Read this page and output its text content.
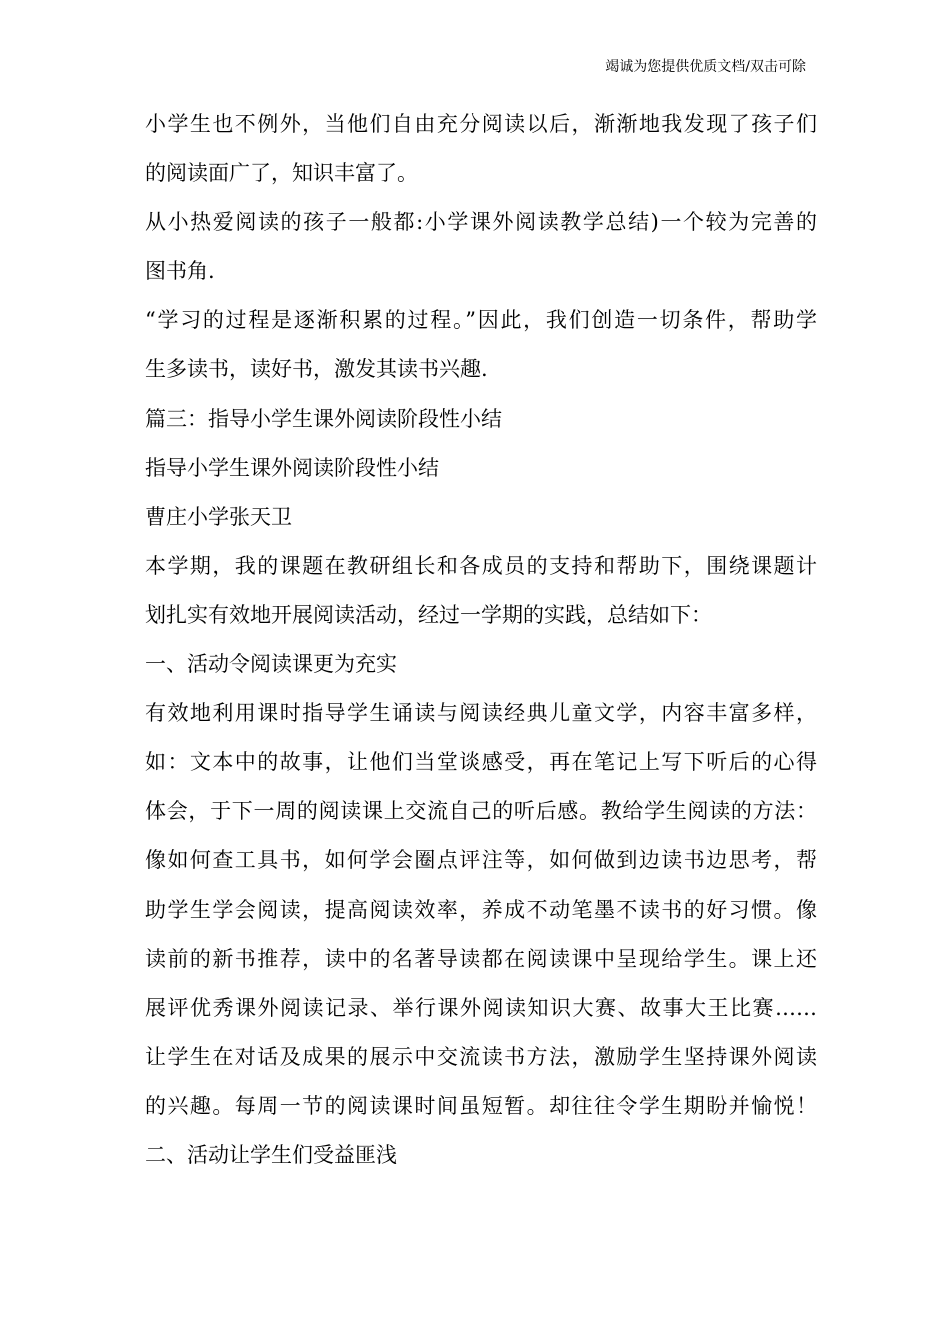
竭诚为您提供优质文档/双击可除
小学生也不例外，当他们自由充分阅读以后，渐渐地我发现了孩子们
的阅读面广了，知识丰富了。
从小热爱阅读的孩子一般都:小学课外阅读教学总结)一个较为完善的
图书角.
“学习的过程是逐渐积累的过程。”因此，我们创造一切条件，帮助学
生多读书，读好书，激发其读书兴趣.
篇三：指导小学生课外阅读阶段性小结
指导小学生课外阅读阶段性小结
曹庄小学张天卫
本学期，我的课题在教研组长和各成员的支持和帮助下，围绕课题计
划扎实有效地开展阅读活动，经过一学期的实践，总结如下：
一、活动令阅读课更为充实
有效地利用课时指导学生诵读与阅读经典儿童文学，内容丰富多样，
如：文本中的故事，让他们当堂谈感受，再在笔记上写下听后的心得
体会，于下一周的阅读课上交流自己的听后感。教给学生阅读的方法：
像如何查工具书，如何学会圈点评注等，如何做到边读书边思考，帮
助学生学会阅读，提高阅读效率，养成不动笔墨不读书的好习惯。像
读前的新书推荐，读中的名著导读都在阅读课中呈现给学生。课上还
展评优秀课外阅读记录、举行课外阅读知识大赛、故事大王比赛……
让学生在对话及成果的展示中交流读书方法，激励学生坚持课外阅读
的兴趣。每周一节的阅读课时间虽短暂。却往往令学生期盼并愉悦！
二、活动让学生们受益匪浅
